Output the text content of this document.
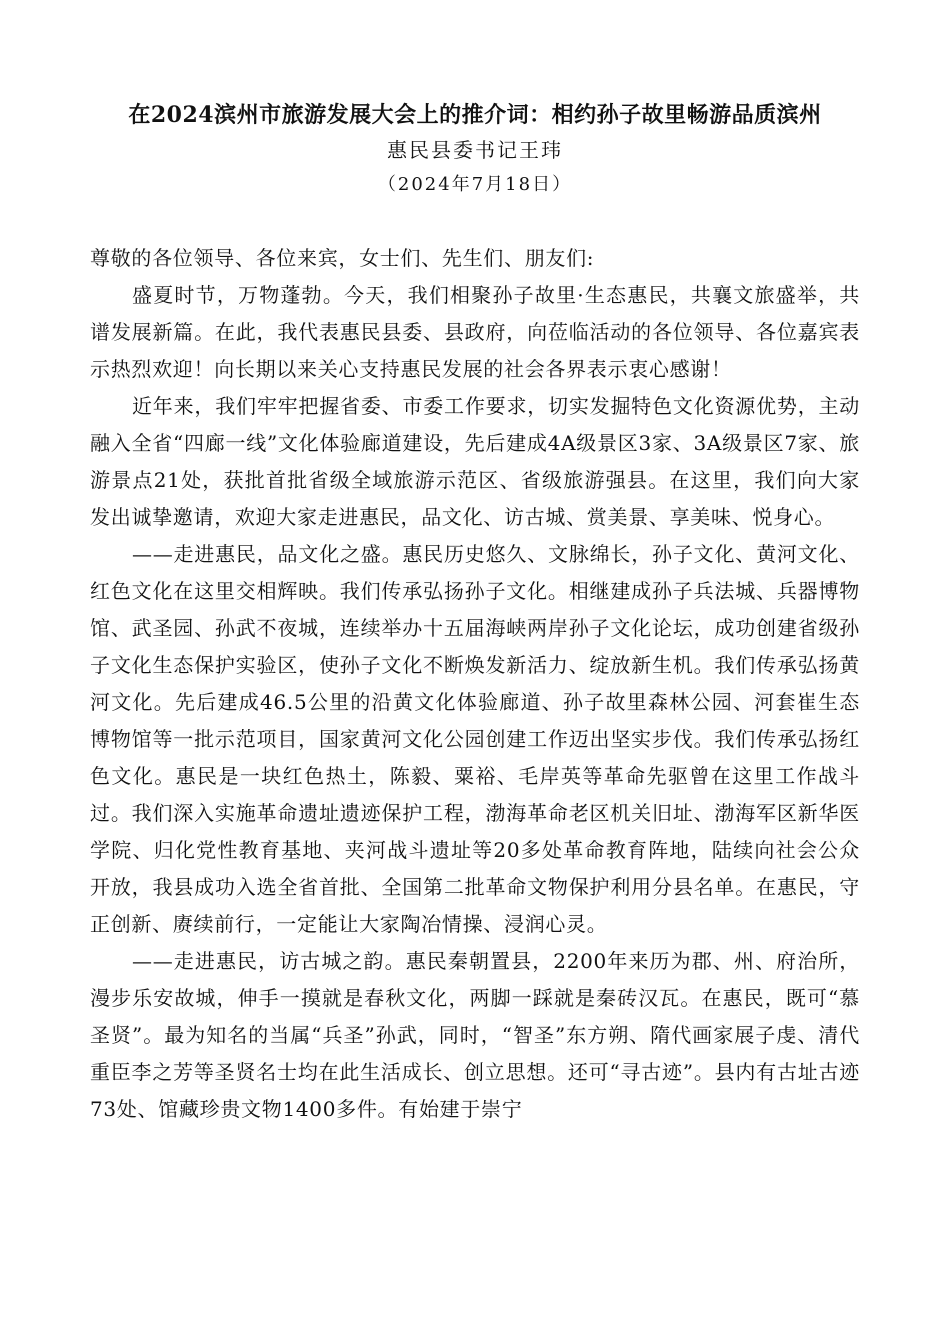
在2024滨州市旅游发展大会上的推介词：相约孙子故里畅游品质滨州
惠民县委书记王玮
（2024年7月18日）

尊敬的各位领导、各位来宾，女士们、先生们、朋友们:

盛夏时节，万物蓬勃。今天，我们相聚孙子故里·生态惠民，共襄文旅盛举，共谱发展新篇。在此，我代表惠民县委、县政府，向莅临活动的各位领导、各位嘉宾表示热烈欢迎！向长期以来关心支持惠民发展的社会各界表示衷心感谢！

近年来，我们牢牢把握省委、市委工作要求，切实发掘特色文化资源优势，主动融入全省“四廊一线”文化体验廊道建设，先后建成4A级景区3家、3A级景区7家、旅游景点21处，获批首批省级全域旅游示范区、省级旅游强县。在这里，我们向大家发出诚挚邀请，欢迎大家走进惠民，品文化、访古城、赏美景、享美味、悦身心。

——走进惠民，品文化之盛。惠民历史悠久、文脉绵长，孙子文化、黄河文化、红色文化在这里交相辉映。我们传承弘扬孙子文化。相继建成孙子兵法城、兵器博物馆、武圣园、孙武不夜城，连续举办十五届海峡两岸孙子文化论坛，成功创建省级孙子文化生态保护实验区，使孙子文化不断焕发新活力、绽放新生机。我们传承弘扬黄河文化。先后建成46.5公里的沿黄文化体验廊道、孙子故里森林公园、河套崔生态博物馆等一批示范项目，国家黄河文化公园创建工作迈出坚实步伐。我们传承弘扬红色文化。惠民是一块红色热土，陈毅、粟裕、毛岸英等革命先驱曾在这里工作战斗过。我们深入实施革命遗址遗迹保护工程，渤海革命老区机关旧址、渤海军区新华医学院、归化党性教育基地、夹河战斗遗址等20多处革命教育阵地，陆续向社会公众开放，我县成功入选全省首批、全国第二批革命文物保护利用分县名单。在惠民，守正创新、赓续前行，一定能让大家陶冶情操、浸润心灵。

——走进惠民，访古城之韵。惠民秦朝置县，2200年来历为郡、州、府治所，漫步乐安故城，伸手一摸就是春秋文化，两脚一踩就是秦砖汉瓦。在惠民，既可“慕圣贤”。最为知名的当属“兵圣”孙武，同时，“智圣”东方朔、隋代画家展子虔、清代重臣李之芳等圣贤名士均在此生活成长、创立思想。还可“寻古迹”。县内有古址古迹73处、馆藏珍贵文物1400多件。有始建于崇宁
